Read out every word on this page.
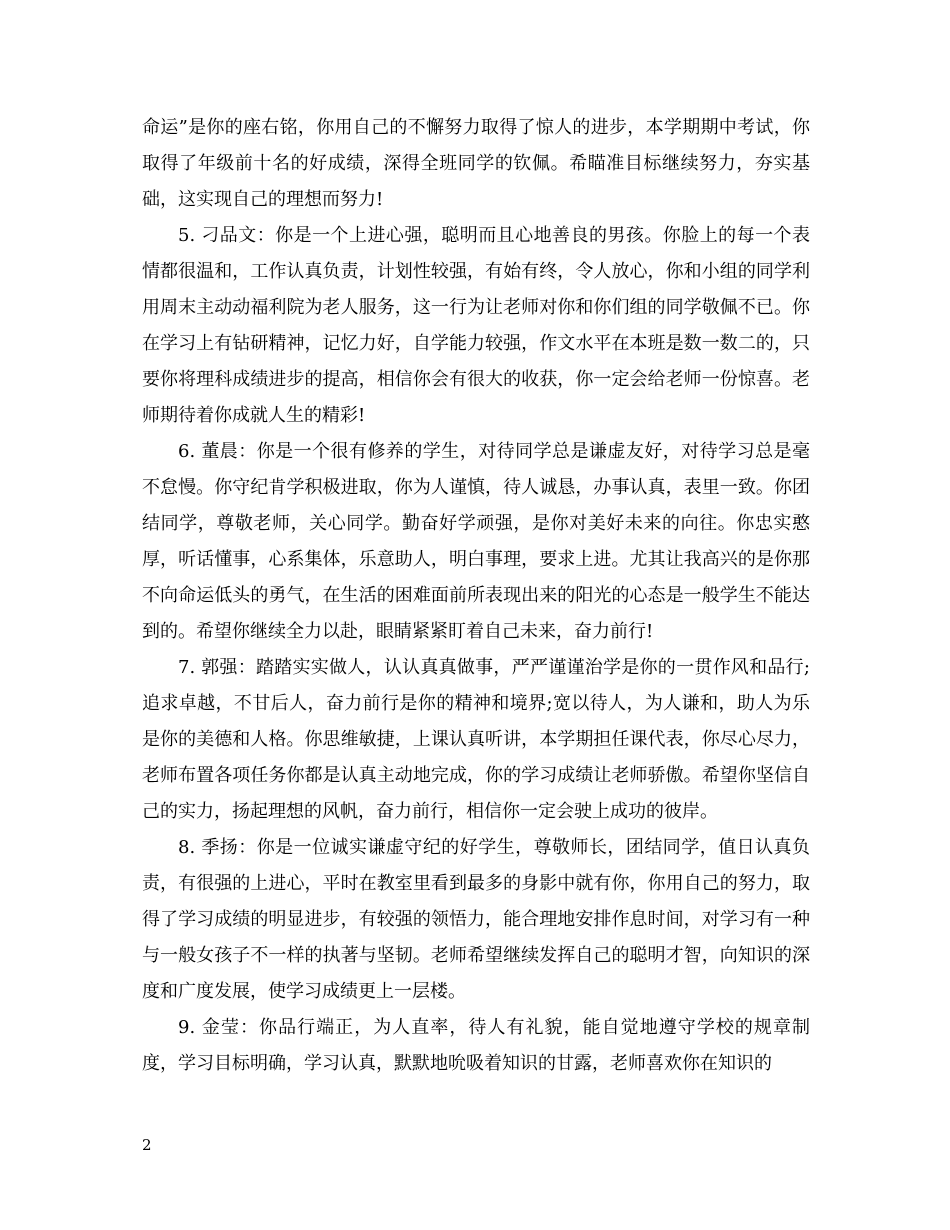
命运”是你的座右铭，你用自己的不懈努力取得了惊人的进步，本学期期中考试，你取得了年级前十名的好成绩，深得全班同学的钦佩。希瞄准目标继续努力，夯实基础，这实现自己的理想而努力!

5. 刁品文：你是一个上进心强，聪明而且心地善良的男孩。你脸上的每一个表情都很温和，工作认真负责，计划性较强，有始有终，令人放心，你和小组的同学利用周末主动动福利院为老人服务，这一行为让老师对你和你们组的同学敬佩不已。你在学习上有钻研精神，记忆力好，自学能力较强，作文水平在本班是数一数二的，只要你将理科成绩进步的提高，相信你会有很大的收获，你一定会给老师一份惊喜。老师期待着你成就人生的精彩!

6. 董晨：你是一个很有修养的学生，对待同学总是谦虚友好，对待学习总是毫不怠慢。你守纪肯学积极进取，你为人谨慎，待人诚恳，办事认真，表里一致。你团结同学，尊敬老师，关心同学。勤奋好学顽强，是你对美好未来的向往。你忠实憨厚，听话懂事，心系集体，乐意助人，明白事理，要求上进。尤其让我高兴的是你那不向命运低头的勇气，在生活的困难面前所表现出来的阳光的心态是一般学生不能达到的。希望你继续全力以赴，眼睛紧紧盯着自己未来，奋力前行!

7. 郭强：踏踏实实做人，认认真真做事，严严谨谨治学是你的一贯作风和品行;追求卓越，不甘后人，奋力前行是你的精神和境界;宽以待人，为人谦和，助人为乐是你的美德和人格。你思维敏捷，上课认真听讲，本学期担任课代表，你尽心尽力，老师布置各项任务你都是认真主动地完成，你的学习成绩让老师骄傲。希望你坚信自己的实力，扬起理想的风帆，奋力前行，相信你一定会驶上成功的彼岸。

8. 季扬：你是一位诚实谦虚守纪的好学生，尊敬师长，团结同学，值日认真负责，有很强的上进心，平时在教室里看到最多的身影中就有你，你用自己的努力，取得了学习成绩的明显进步，有较强的领悟力，能合理地安排作息时间，对学习有一种与一般女孩子不一样的执著与坚韧。老师希望继续发挥自己的聪明才智，向知识的深度和广度发展，使学习成绩更上一层楼。

9. 金莹：你品行端正，为人直率，待人有礼貌，能自觉地遵守学校的规章制度，学习目标明确，学习认真，默默地吮吸着知识的甘露，老师喜欢你在知识的

2
